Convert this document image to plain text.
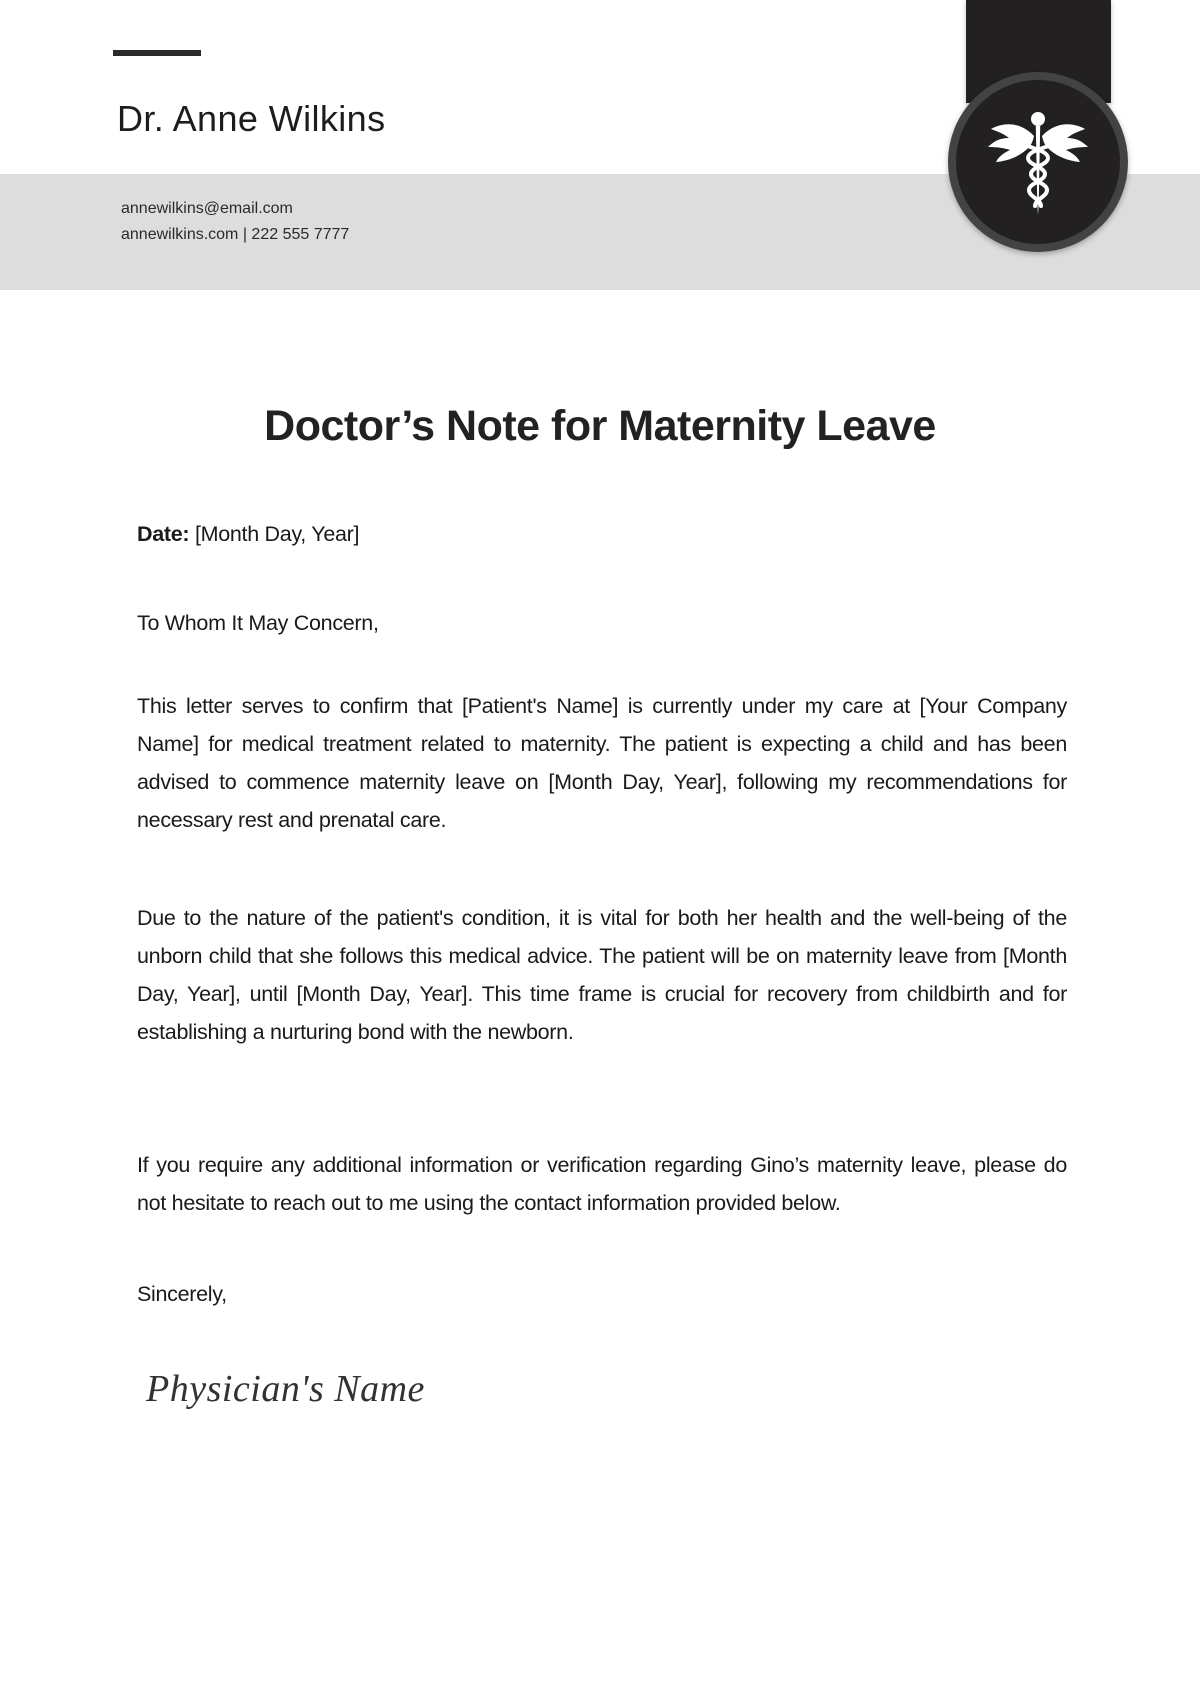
Dr. Anne Wilkins
annewilkins@email.com
annewilkins.com | 222 555 7777
Doctor’s Note for Maternity Leave
Date: [Month Day, Year]
To Whom It May Concern,
This letter serves to confirm that [Patient's Name] is currently under my care at [Your Company Name] for medical treatment related to maternity. The patient is expecting a child and has been advised to commence maternity leave on [Month Day, Year], following my recommendations for necessary rest and prenatal care.
Due to the nature of the patient's condition, it is vital for both her health and the well-being of the unborn child that she follows this medical advice. The patient will be on maternity leave from [Month Day, Year], until [Month Day, Year]. This time frame is crucial for recovery from childbirth and for establishing a nurturing bond with the newborn.
If you require any additional information or verification regarding Gino’s maternity leave, please do not hesitate to reach out to me using the contact information provided below.
Sincerely,
Physician's Name
